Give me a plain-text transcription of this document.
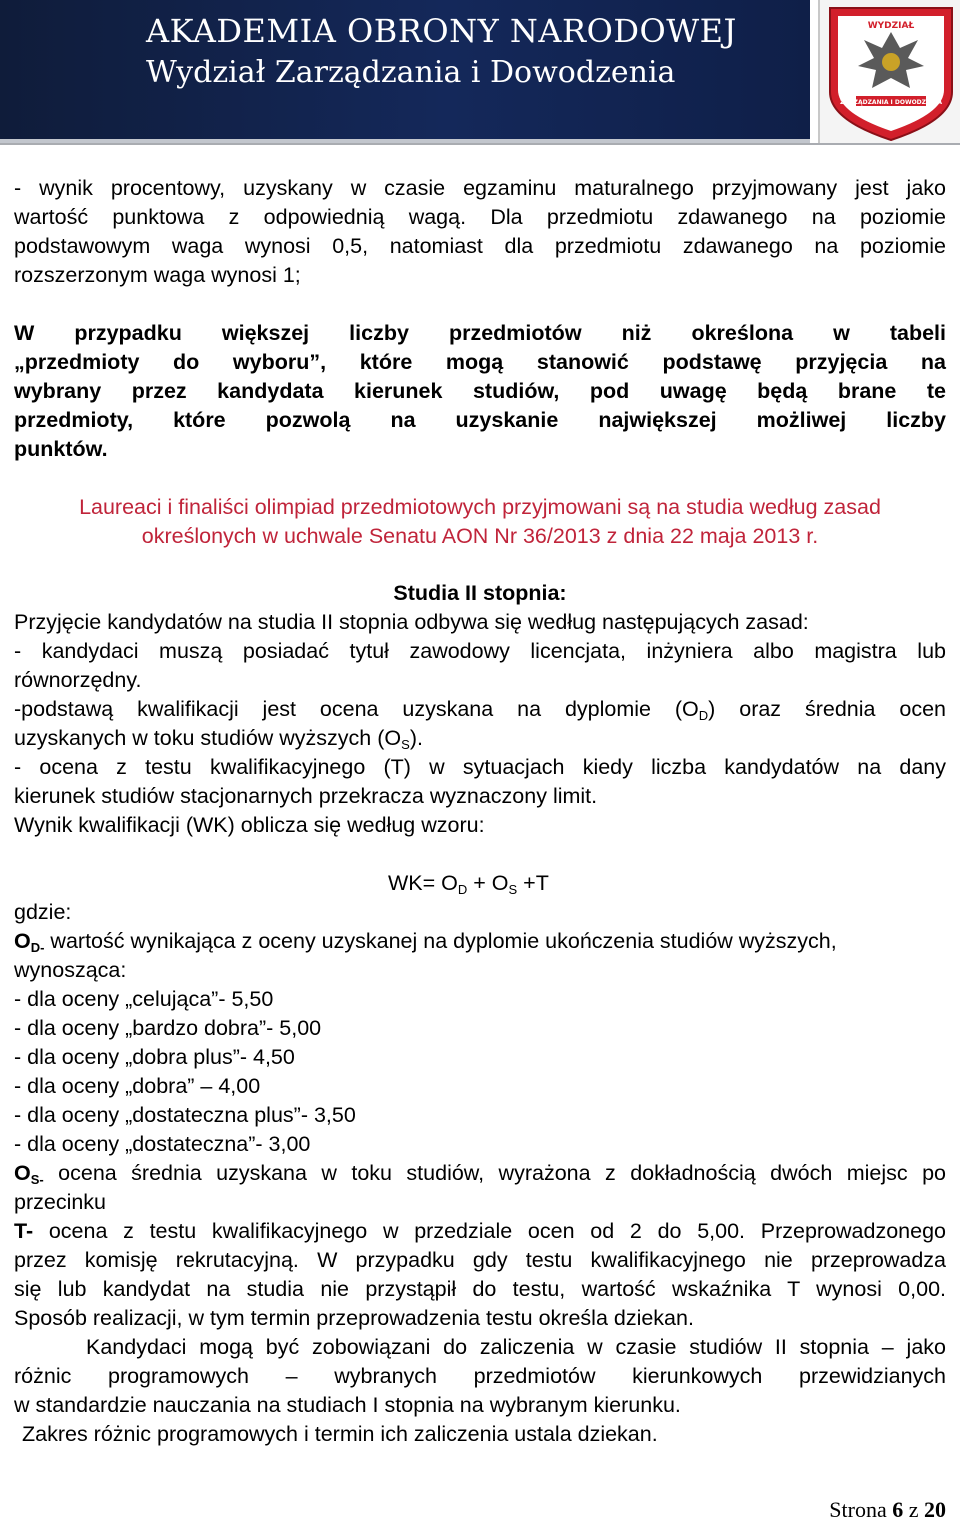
AKADEMIA OBRONY NARODOWEJ
Wydział Zarządzania i Dowodzenia
WYDZIAŁ
ZARZĄDZANIA I DOWODZENIA
- wynik procentowy, uzyskany w czasie egzaminu maturalnego przyjmowany jest jako
wartość punktowa z odpowiednią wagą. Dla przedmiotu zdawanego na poziomie
podstawowym waga wynosi 0,5, natomiast dla przedmiotu zdawanego na poziomie
rozszerzonym waga wynosi 1;
W przypadku większej liczby przedmiotów niż określona w tabeli
„przedmioty do wyboru”, które mogą stanowić podstawę przyjęcia na
wybrany przez kandydata kierunek studiów, pod uwagę będą brane te
przedmioty, które pozwolą na uzyskanie największej możliwej liczby
punktów.
Laureaci i finaliści olimpiad przedmiotowych przyjmowani są na studia według zasad
określonych w uchwale Senatu AON Nr 36/2013 z dnia 22 maja 2013 r.
Studia II stopnia:
Przyjęcie kandydatów na studia II stopnia odbywa się według następujących zasad:
- kandydaci muszą posiadać tytuł zawodowy licencjata, inżyniera albo magistra lub
równorzędny.
-podstawą kwalifikacji jest ocena uzyskana na dyplomie $(O_D)$ oraz średnia ocen
uzyskanych w toku studiów wyższych $(O_S)$.
- ocena z testu kwalifikacyjnego (T) w sytuacjach kiedy liczba kandydatów na dany
kierunek studiów stacjonarnych przekracza wyznaczony limit.
Wynik kwalifikacji (WK) oblicza się według wzoru:
$WK= O_D + O_S +T$
gdzie:
$O_{D-}$ wartość wynikająca z oceny uzyskanej na dyplomie ukończenia studiów wyższych,
wynosząca:
- dla oceny „celująca”- 5,50
- dla oceny „bardzo dobra”- 5,00
- dla oceny „dobra plus”- 4,50
- dla oceny „dobra” – 4,00
- dla oceny „dostateczna plus”- 3,50
- dla oceny „dostateczna”- 3,00
$O_{S-}$ ocena średnia uzyskana w toku studiów, wyrażona z dokładnością dwóch miejsc po
przecinku
T- ocena z testu kwalifikacyjnego w przedziale ocen od 2 do 5,00. Przeprowadzonego
przez komisję rekrutacyjną. W przypadku gdy testu kwalifikacyjnego nie przeprowadza
się lub kandydat na studia nie przystąpił do testu, wartość wskaźnika T wynosi 0,00.
Sposób realizacji, w tym termin przeprowadzenia testu określa dziekan.
Kandydaci mogą być zobowiązani do zaliczenia w czasie studiów II stopnia – jako
różnic programowych – wybranych przedmiotów kierunkowych przewidzianych
w standardzie nauczania na studiach I stopnia na wybranym kierunku.
Zakres różnic programowych i termin ich zaliczenia ustala dziekan.
Strona 6 z 20
